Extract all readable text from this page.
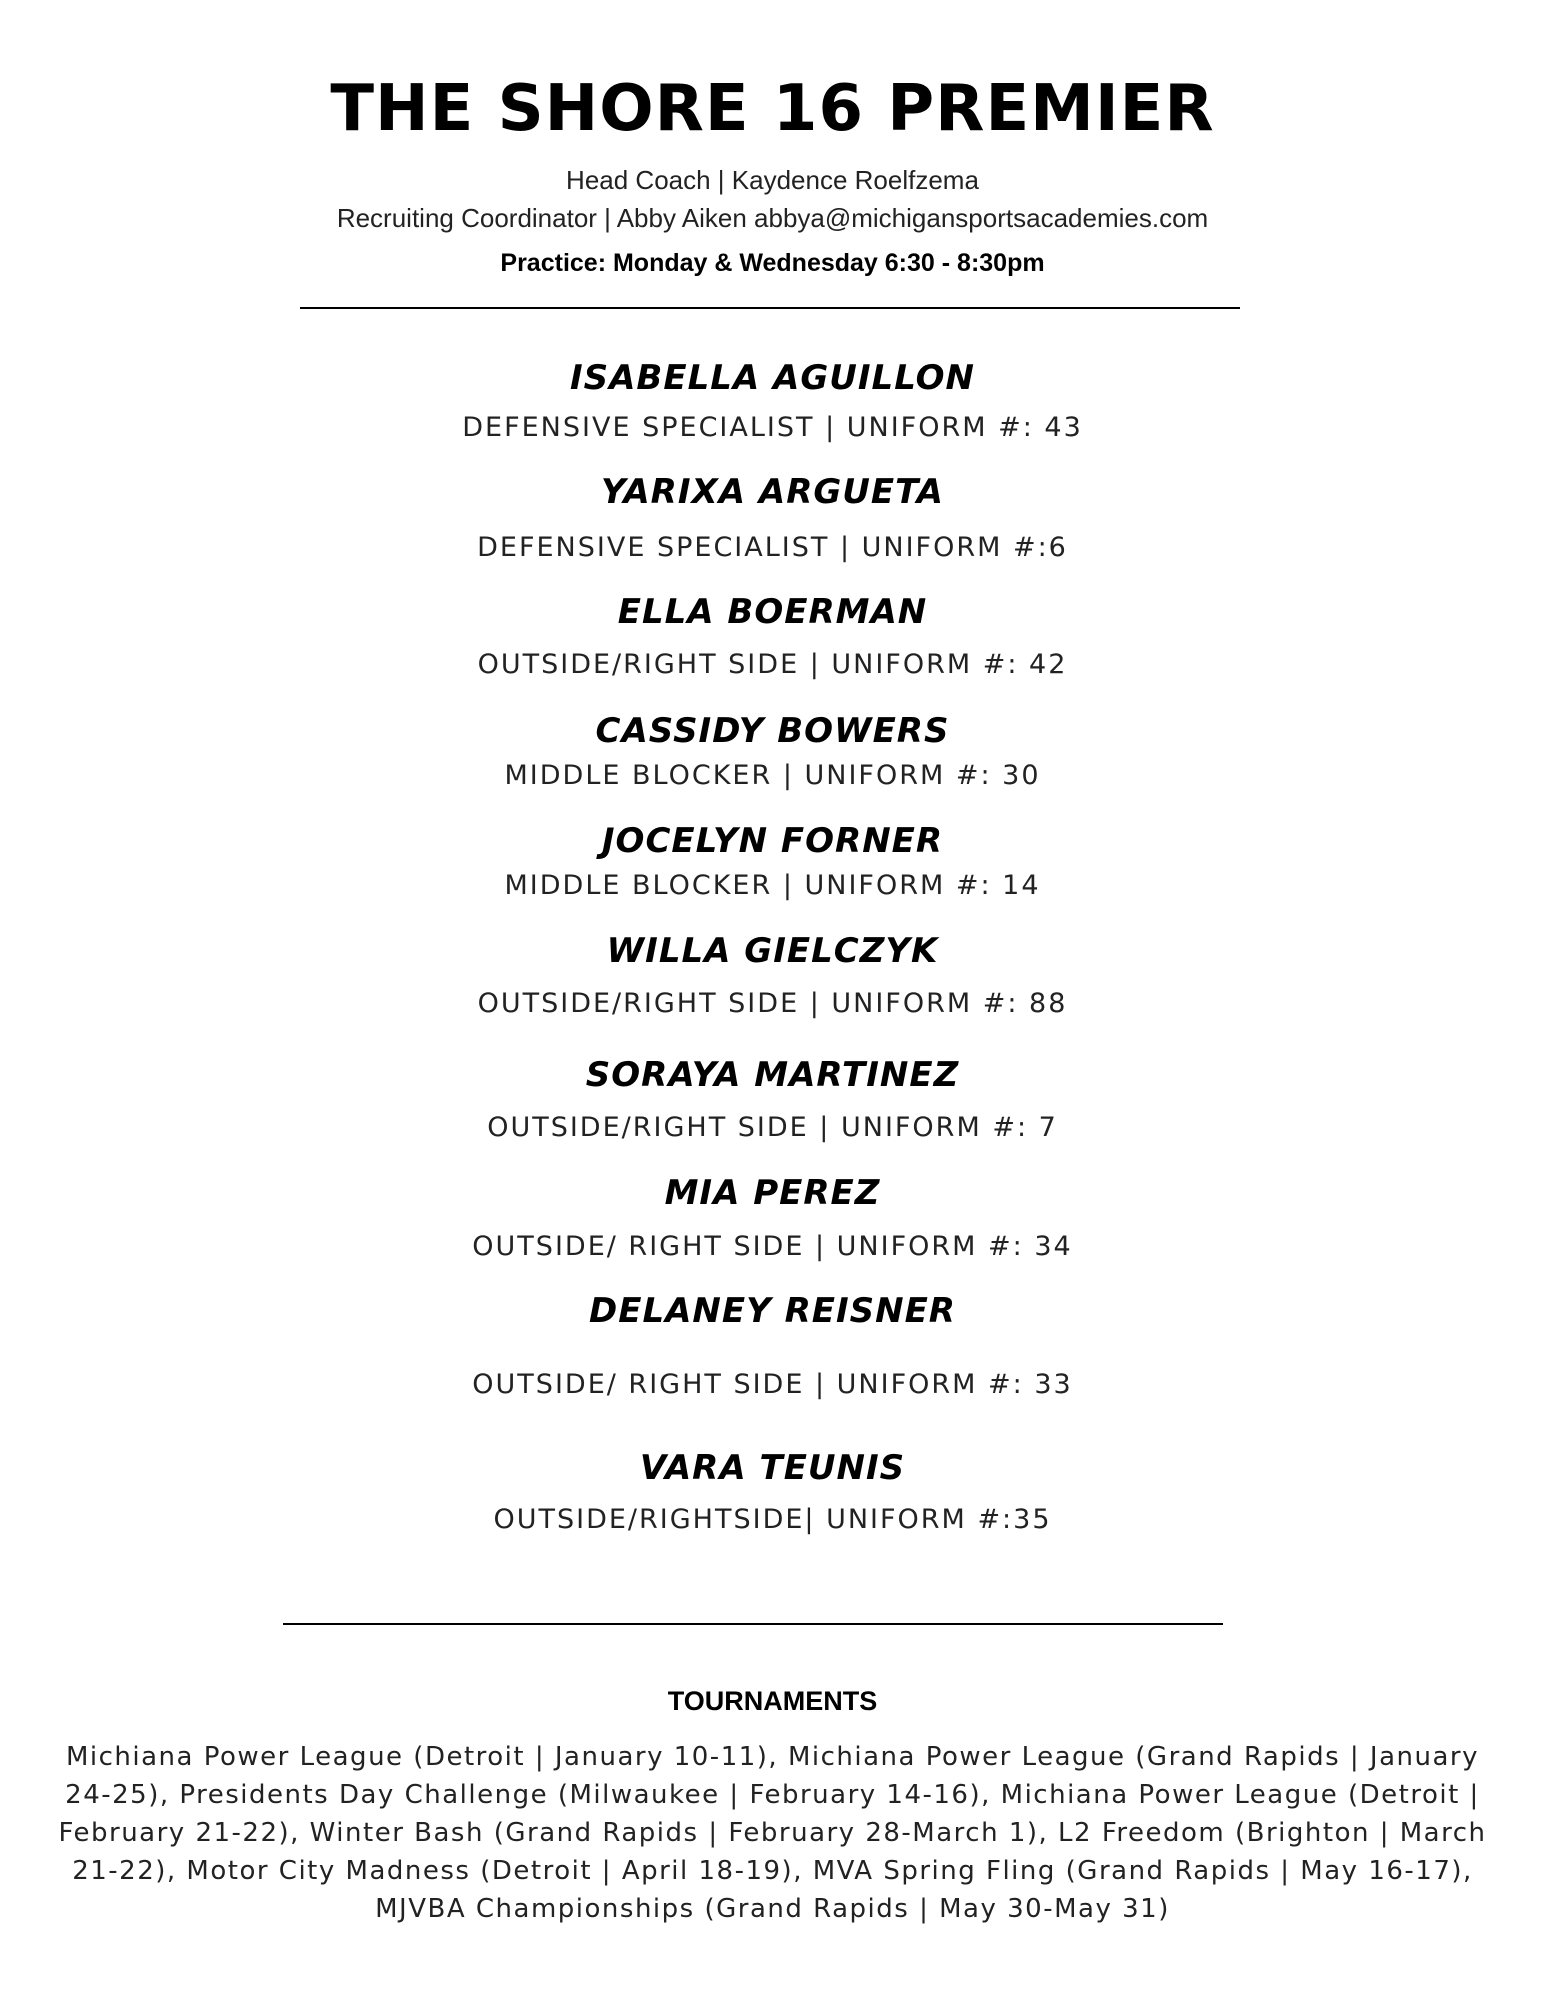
THE SHORE 16 PREMIER
Head Coach | Kaydence Roelfzema
Recruiting Coordinator | Abby Aiken abbya@michigansportsacademies.com
Practice: Monday & Wednesday 6:30 - 8:30pm
ISABELLA AGUILLON
DEFENSIVE SPECIALIST | UNIFORM #: 43
YARIXA ARGUETA
DEFENSIVE SPECIALIST | UNIFORM #:6
ELLA BOERMAN
OUTSIDE/RIGHT SIDE | UNIFORM #: 42
CASSIDY BOWERS
MIDDLE BLOCKER | UNIFORM #: 30
JOCELYN FORNER
MIDDLE BLOCKER | UNIFORM #: 14
WILLA GIELCZYK
OUTSIDE/RIGHT SIDE | UNIFORM #: 88
SORAYA MARTINEZ
OUTSIDE/RIGHT SIDE | UNIFORM #: 7
MIA PEREZ
OUTSIDE/ RIGHT SIDE | UNIFORM #: 34
DELANEY REISNER
OUTSIDE/ RIGHT SIDE | UNIFORM #: 33
VARA TEUNIS
OUTSIDE/RIGHTSIDE| UNIFORM #:35
TOURNAMENTS
Michiana Power League (Detroit | January 10-11), Michiana Power League (Grand Rapids | January 24-25), Presidents Day Challenge (Milwaukee | February 14-16), Michiana Power League (Detroit | February 21-22), Winter Bash (Grand Rapids | February 28-March 1), L2 Freedom (Brighton | March 21-22), Motor City Madness (Detroit | April 18-19), MVA Spring Fling (Grand Rapids | May 16-17), MJVBA Championships (Grand Rapids | May 30-May 31)
